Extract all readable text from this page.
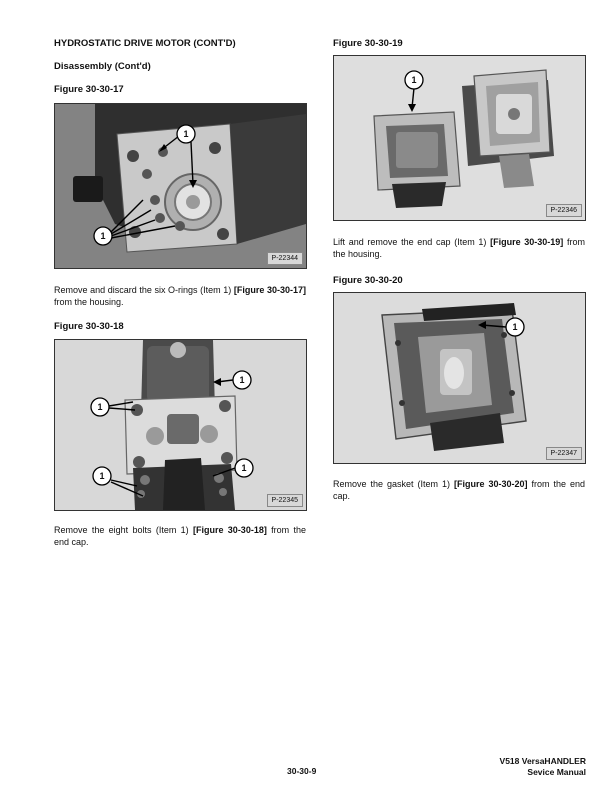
HYDROSTATIC DRIVE MOTOR (CONT'D)
Disassembly (Cont'd)
Figure 30-30-17
1
1
P-22344
Remove and discard the six O-rings (Item 1) [Figure 30-30-17] from the housing.
Figure 30-30-18
1
1
1
1
P-22345
Remove the eight bolts (Item 1) [Figure 30-30-18] from the end cap.
Figure 30-30-19
1
P-22346
Lift and remove the end cap (Item 1) [Figure 30-30-19] from the housing.
Figure 30-30-20
1
P-22347
Remove the gasket (Item 1) [Figure 30-30-20] from the end cap.
30-30-9
V518 VersaHANDLER
Sevice Manual
